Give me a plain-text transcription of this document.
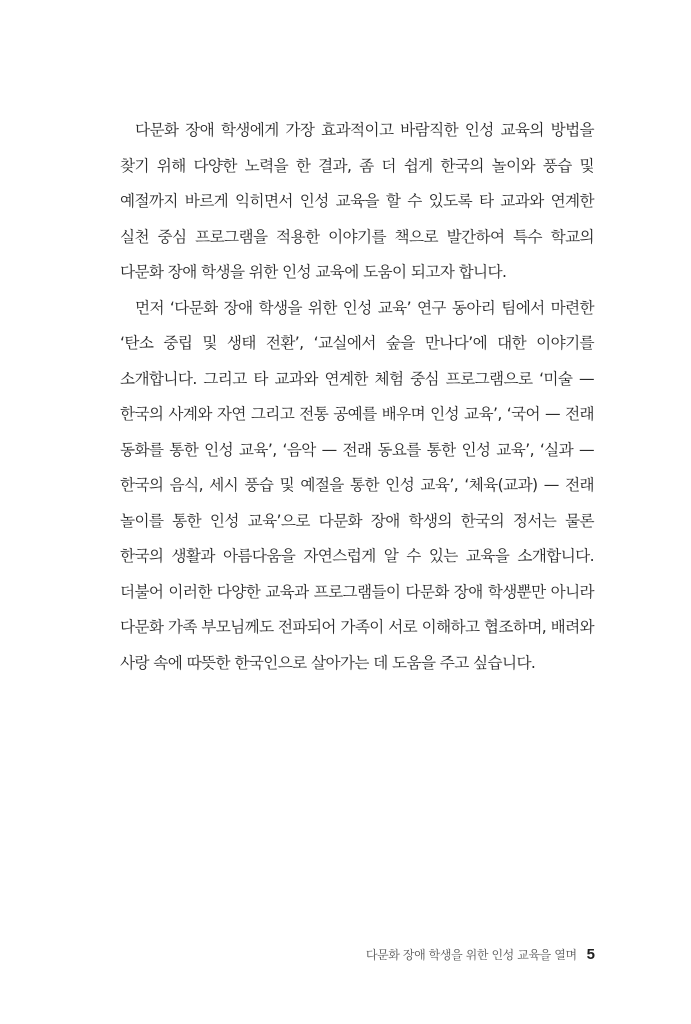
다문화 장애 학생에게 가장 효과적이고 바람직한 인성 교육의 방법을 찾기 위해 다양한 노력을 한 결과, 좀 더 쉽게 한국의 놀이와 풍습 및 예절까지 바르게 익히면서 인성 교육을 할 수 있도록 타 교과와 연계한 실천 중심 프로그램을 적용한 이야기를 책으로 발간하여 특수 학교의 다문화 장애 학생을 위한 인성 교육에 도움이 되고자 합니다.

먼저 ‘다문화 장애 학생을 위한 인성 교육’ 연구 동아리 팀에서 마련한 ‘탄소 중립 및 생태 전환’, ‘교실에서 숲을 만나다’에 대한 이야기를 소개합니다. 그리고 타 교과와 연계한 체험 중심 프로그램으로 ‘미술 — 한국의 사계와 자연 그리고 전통 공예를 배우며 인성 교육’, ‘국어 — 전래 동화를 통한 인성 교육’, ‘음악 — 전래 동요를 통한 인성 교육’, ‘실과 — 한국의 음식, 세시 풍습 및 예절을 통한 인성 교육’, ‘체육(교과) — 전래 놀이를 통한 인성 교육’으로 다문화 장애 학생의 한국의 정서는 물론 한국의 생활과 아름다움을 자연스럽게 알 수 있는 교육을 소개합니다. 더불어 이러한 다양한 교육과 프로그램들이 다문화 장애 학생뿐만 아니라 다문화 가족 부모님께도 전파되어 가족이 서로 이해하고 협조하며, 배려와 사랑 속에 따뜻한 한국인으로 살아가는 데 도움을 주고 싶습니다.

다문화 장애 학생을 위한 인성 교육을 열며 5
